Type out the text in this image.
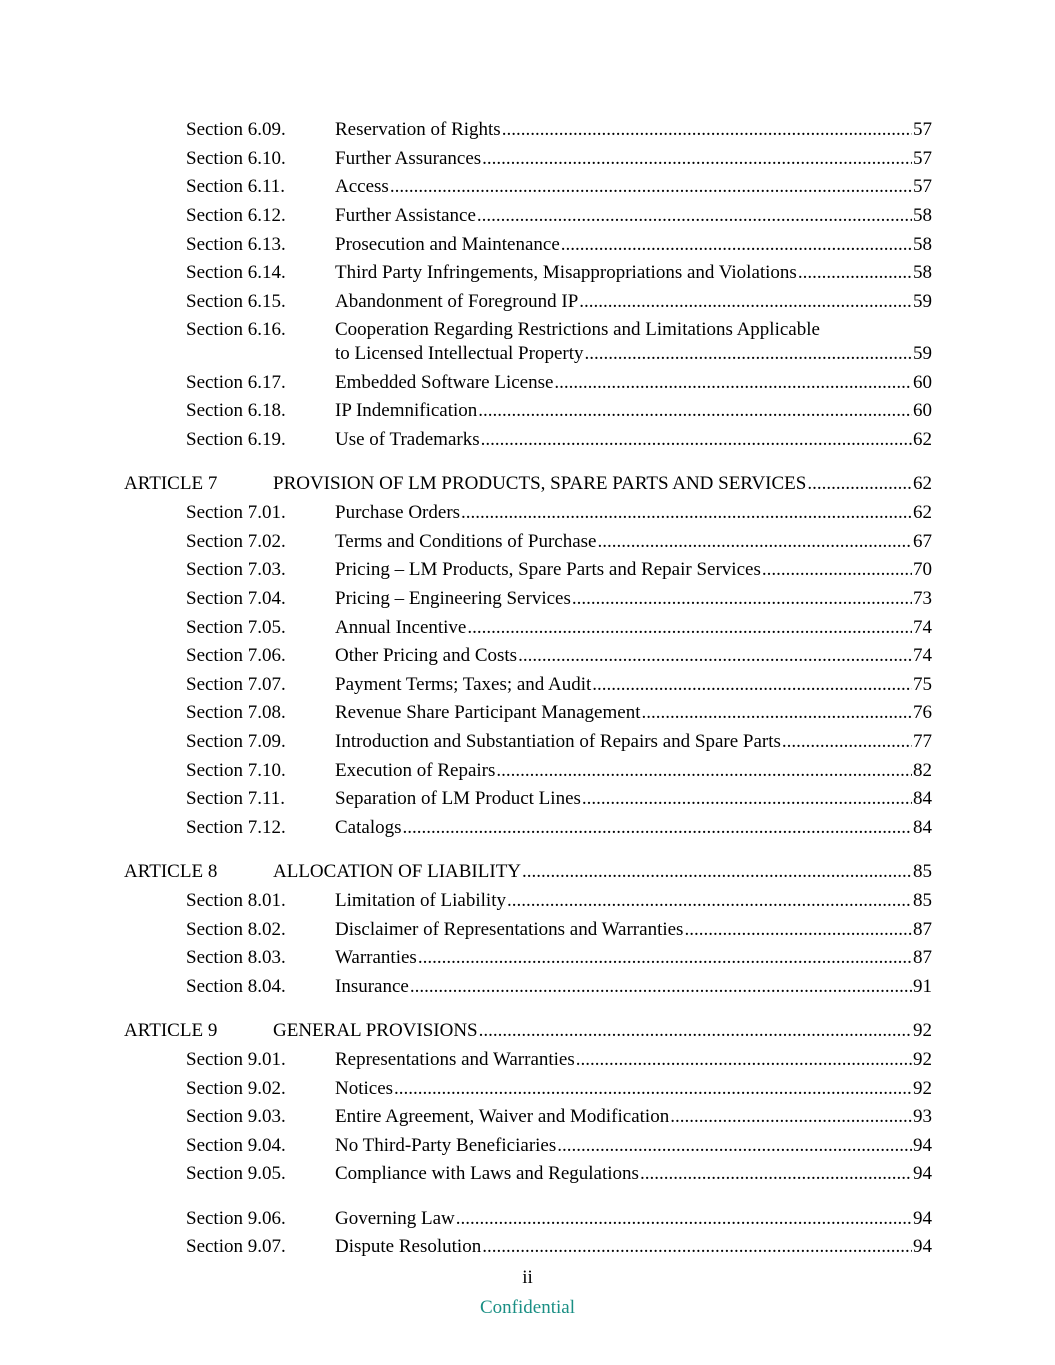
Section 6.09.	Reservation of Rights .....	57
Section 6.10.	Further Assurances .....	57
Section 6.11.	Access .....	57
Section 6.12.	Further Assistance .....	58
Section 6.13.	Prosecution and Maintenance .....	58
Section 6.14.	Third Party Infringements, Misappropriations and Violations .....	58
Section 6.15.	Abandonment of Foreground IP .....	59
Section 6.16.	Cooperation Regarding Restrictions and Limitations Applicable
to Licensed Intellectual Property .....	59
Section 6.17.	Embedded Software License .....	60
Section 6.18.	IP Indemnification .....	60
Section 6.19.	Use of Trademarks .....	62
ARTICLE 7	PROVISION OF LM PRODUCTS, SPARE PARTS AND SERVICES .....	62
Section 7.01.	Purchase Orders .....	62
Section 7.02.	Terms and Conditions of Purchase .....	67
Section 7.03.	Pricing – LM Products, Spare Parts and Repair Services .....	70
Section 7.04.	Pricing – Engineering Services .....	73
Section 7.05.	Annual Incentive .....	74
Section 7.06.	Other Pricing and Costs .....	74
Section 7.07.	Payment Terms; Taxes; and Audit .....	75
Section 7.08.	Revenue Share Participant Management .....	76
Section 7.09.	Introduction and Substantiation of Repairs and Spare Parts .....	77
Section 7.10.	Execution of Repairs .....	82
Section 7.11.	Separation of LM Product Lines .....	84
Section 7.12.	Catalogs .....	84
ARTICLE 8	ALLOCATION OF LIABILITY .....	85
Section 8.01.	Limitation of Liability .....	85
Section 8.02.	Disclaimer of Representations and Warranties .....	87
Section 8.03.	Warranties .....	87
Section 8.04.	Insurance .....	91
ARTICLE 9	GENERAL PROVISIONS .....	92
Section 9.01.	Representations and Warranties .....	92
Section 9.02.	Notices .....	92
Section 9.03.	Entire Agreement, Waiver and Modification .....	93
Section 9.04.	No Third-Party Beneficiaries .....	94
Section 9.05.	Compliance with Laws and Regulations .....	94
Section 9.06.	Governing Law .....	94
Section 9.07.	Dispute Resolution .....	94
ii
Confidential
